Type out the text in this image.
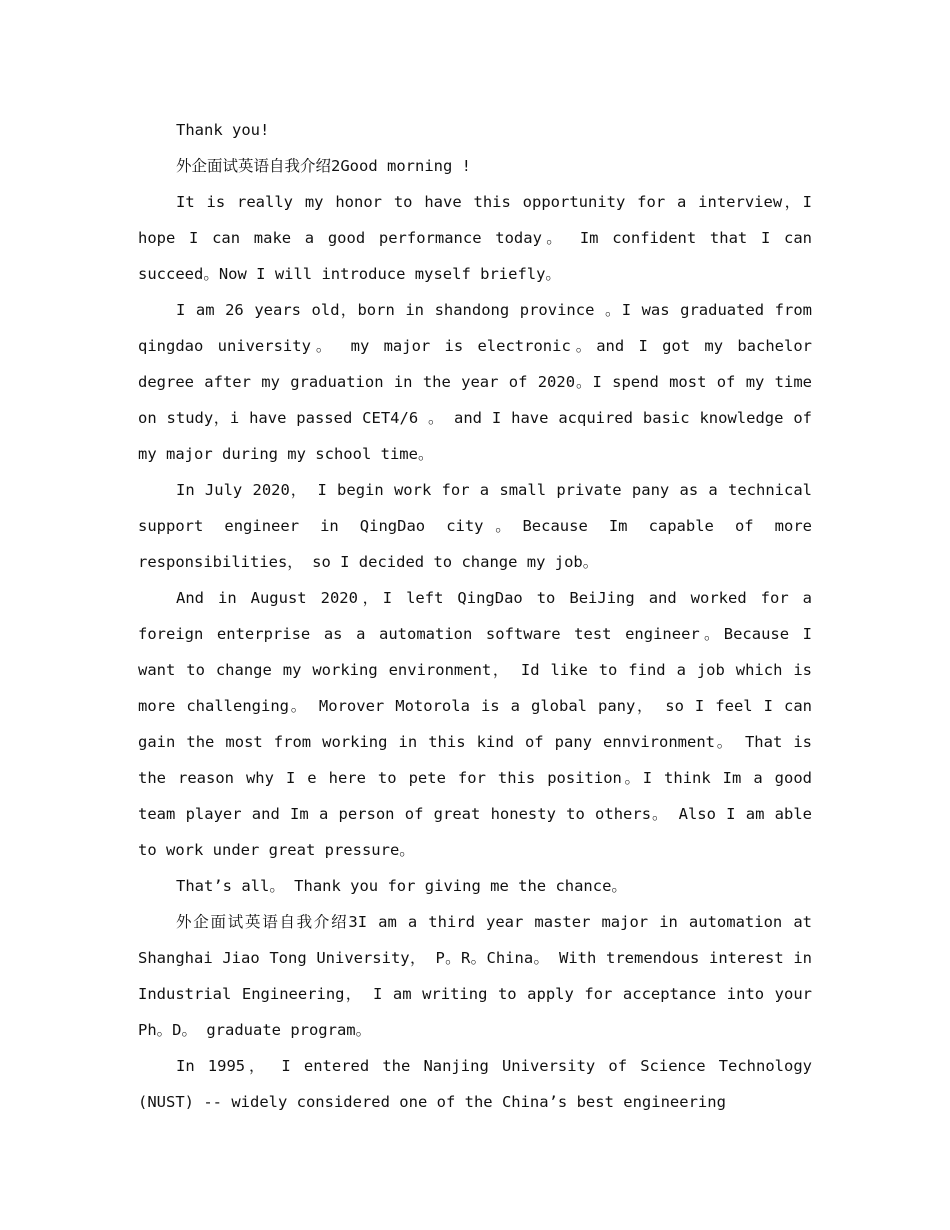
Thank you!

外企面试英语自我介绍2Good morning !

It is really my honor to have this opportunity for a interview，I hope I can make a good performance today。 Im confident that I can succeed。Now I will introduce myself briefly。

I am 26 years old，born in shandong province 。I was graduated from qingdao university。 my major is electronic。and I got my bachelor degree after my graduation in the year of 2020。I spend most of my time on study，i have passed CET4/6 。 and I have acquired basic knowledge of my major during my school time。

In July 2020， I begin work for a small private pany as a technical support engineer in QingDao city。Because Im capable of more responsibilities， so I decided to change my job。

And in August 2020，I left QingDao to BeiJing and worked for a foreign enterprise as a automation software test engineer。Because I want to change my working environment， Id like to find a job which is more challenging。 Morover Motorola is a global pany， so I feel I can gain the most from working in this kind of pany ennvironment。 That is the reason why I e here to pete for this position。I think Im a good team player and Im a person of great honesty to others。 Also I am able to work under great pressure。

That’s all。 Thank you for giving me the chance。

外企面试英语自我介绍3I am a third year master major in automation at Shanghai Jiao Tong University， P。R。China。 With tremendous interest in Industrial Engineering， I am writing to apply for acceptance into your Ph。D。 graduate program。

In 1995， I entered the Nanjing University of Science Technology (NUST) -- widely considered one of the China’s best engineering
